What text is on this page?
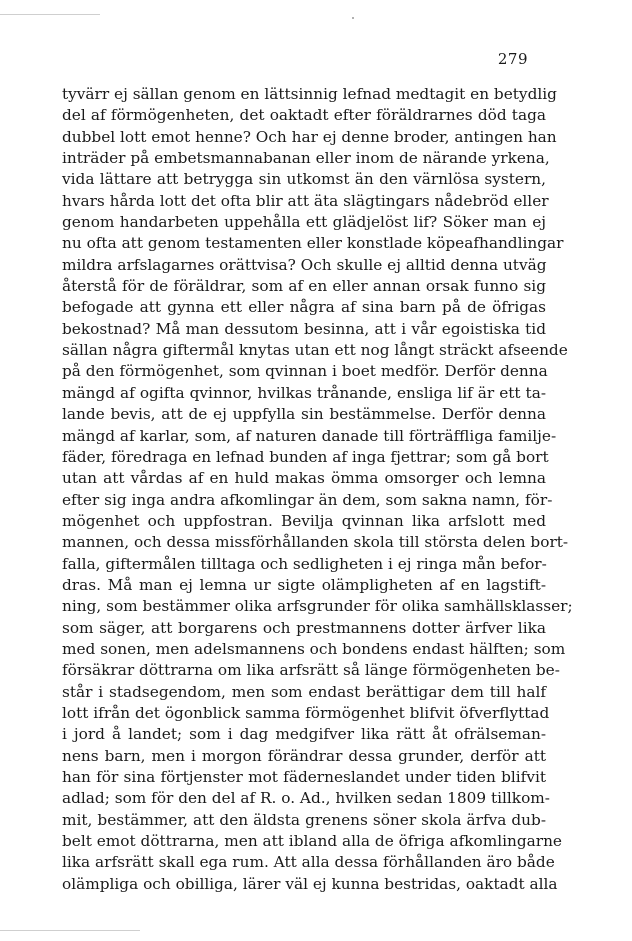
279
tyvärr ej sällan genom en lättsinnig lefnad medtagit en betydlig
del af förmögenheten, det oaktadt efter föräldrarnes död taga
dubbel lott emot henne? Och har ej denne broder, antingen han
inträder på embetsmannabanan eller inom de närande yrkena,
vida lättare att betrygga sin utkomst än den värnlösa systern,
hvars hårda lott det ofta blir att äta slägtingars nådebröd eller
genom handarbeten uppehålla ett glädjelöst lif? Söker man ej
nu ofta att genom testamenten eller konstlade köpeafhandlingar
mildra arfslagarnes orättvisa? Och skulle ej alltid denna utväg
återstå för de föräldrar, som af en eller annan orsak funno sig
befogade att gynna ett eller några af sina barn på de öfrigas
bekostnad? Må man dessutom besinna, att i vår egoistiska tid
sällan några giftermål knytas utan ett nog långt sträckt afseende
på den förmögenhet, som qvinnan i boet medför. Derför denna
mängd af ogifta qvinnor, hvilkas trånande, ensliga lif är ett ta-
lande bevis, att de ej uppfylla sin bestämmelse. Derför denna
mängd af karlar, som, af naturen danade till förträffliga familje-
fäder, föredraga en lefnad bunden af inga fjettrar; som gå bort
utan att vårdas af en huld makas ömma omsorger och lemna
efter sig inga andra afkomlingar än dem, som sakna namn, för-
mögenhet och uppfostran. Bevilja qvinnan lika arfslott med
mannen, och dessa missförhållanden skola till största delen bort-
falla, giftermålen tilltaga och sedligheten i ej ringa mån befor-
dras. Må man ej lemna ur sigte olämpligheten af en lagstift-
ning, som bestämmer olika arfsgrunder för olika samhällsklasser;
som säger, att borgarens och prestmannens dotter ärfver lika
med sonen, men adelsmannens och bondens endast hälften; som
försäkrar döttrarna om lika arfsrätt så länge förmögenheten be-
står i stadsegendom, men som endast berättigar dem till half
lott ifrån det ögonblick samma förmögenhet blifvit öfverflyttad
i jord å landet; som i dag medgifver lika rätt åt ofrälseman-
nens barn, men i morgon förändrar dessa grunder, derför att
han för sina förtjenster mot fäderneslandet under tiden blifvit
adlad; som för den del af R. o. Ad., hvilken sedan 1809 tillkom-
mit, bestämmer, att den äldsta grenens söner skola ärfva dub-
belt emot döttrarna, men att ibland alla de öfriga afkomlingarne
lika arfsrätt skall ega rum. Att alla dessa förhållanden äro både
olämpliga och obilliga, lärer väl ej kunna bestridas, oaktadt alla
